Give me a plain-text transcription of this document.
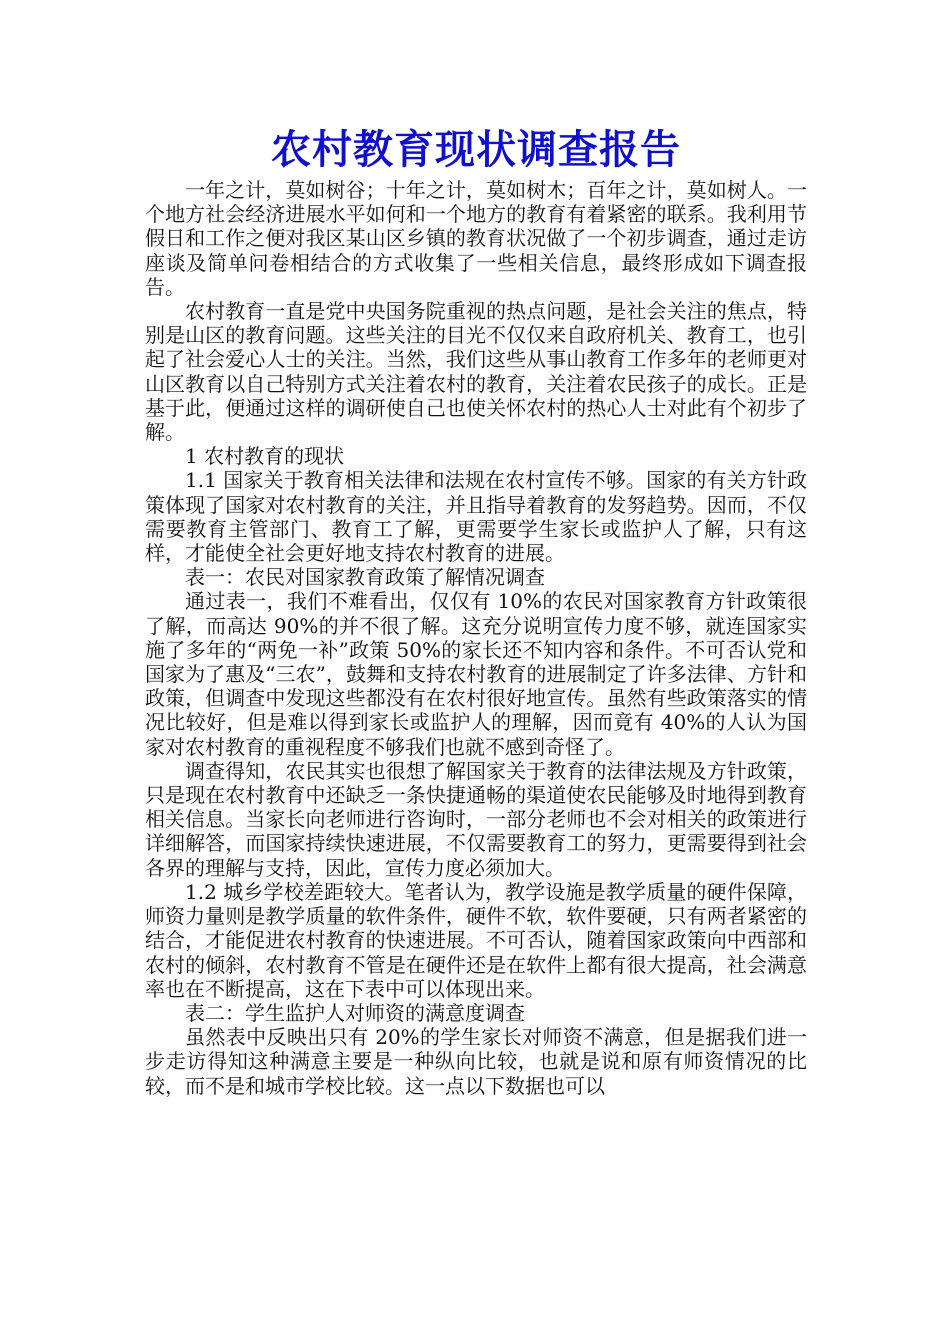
农村教育现状调查报告

一年之计，莫如树谷；十年之计，莫如树木；百年之计，莫如树人。一个地方社会经济进展水平如何和一个地方的教育有着紧密的联系。我利用节假日和工作之便对我区某山区乡镇的教育状况做了一个初步调查，通过走访座谈及简单问卷相结合的方式收集了一些相关信息，最终形成如下调查报告。

农村教育一直是党中央国务院重视的热点问题，是社会关注的焦点，特别是山区的教育问题。这些关注的目光不仅仅来自政府机关、教育工，也引起了社会爱心人士的关注。当然，我们这些从事山教育工作多年的老师更对山区教育以自己特别方式关注着农村的教育，关注着农民孩子的成长。正是基于此，便通过这样的调研使自己也使关怀农村的热心人士对此有个初步了解。

1 农村教育的现状

1.1 国家关于教育相关法律和法规在农村宣传不够。国家的有关方针政策体现了国家对农村教育的关注，并且指导着教育的发努趋势。因而，不仅需要教育主管部门、教育工了解，更需要学生家长或监护人了解，只有这样，才能使全社会更好地支持农村教育的进展。

表一：农民对国家教育政策了解情况调查

通过表一，我们不难看出，仅仅有 10%的农民对国家教育方针政策很了解，而高达 90%的并不很了解。这充分说明宣传力度不够，就连国家实施了多年的“两免一补”政策 50%的家长还不知内容和条件。不可否认党和国家为了惠及“三农”，鼓舞和支持农村教育的进展制定了许多法律、方针和政策，但调查中发现这些都没有在农村很好地宣传。虽然有些政策落实的情况比较好，但是难以得到家长或监护人的理解，因而竟有 40%的人认为国家对农村教育的重视程度不够我们也就不感到奇怪了。

调查得知，农民其实也很想了解国家关于教育的法律法规及方针政策，只是现在农村教育中还缺乏一条快捷通畅的渠道使农民能够及时地得到教育相关信息。当家长向老师进行咨询时，一部分老师也不会对相关的政策进行详细解答，而国家持续快速进展，不仅需要教育工的努力，更需要得到社会各界的理解与支持，因此，宣传力度必须加大。

1.2 城乡学校差距较大。笔者认为，教学设施是教学质量的硬件保障，师资力量则是教学质量的软件条件，硬件不软，软件要硬，只有两者紧密的结合，才能促进农村教育的快速进展。不可否认，随着国家政策向中西部和农村的倾斜，农村教育不管是在硬件还是在软件上都有很大提高，社会满意率也在不断提高，这在下表中可以体现出来。

表二：学生监护人对师资的满意度调查

虽然表中反映出只有 20%的学生家长对师资不满意，但是据我们进一步走访得知这种满意主要是一种纵向比较，也就是说和原有师资情况的比较，而不是和城市学校比较。这一点以下数据也可以
